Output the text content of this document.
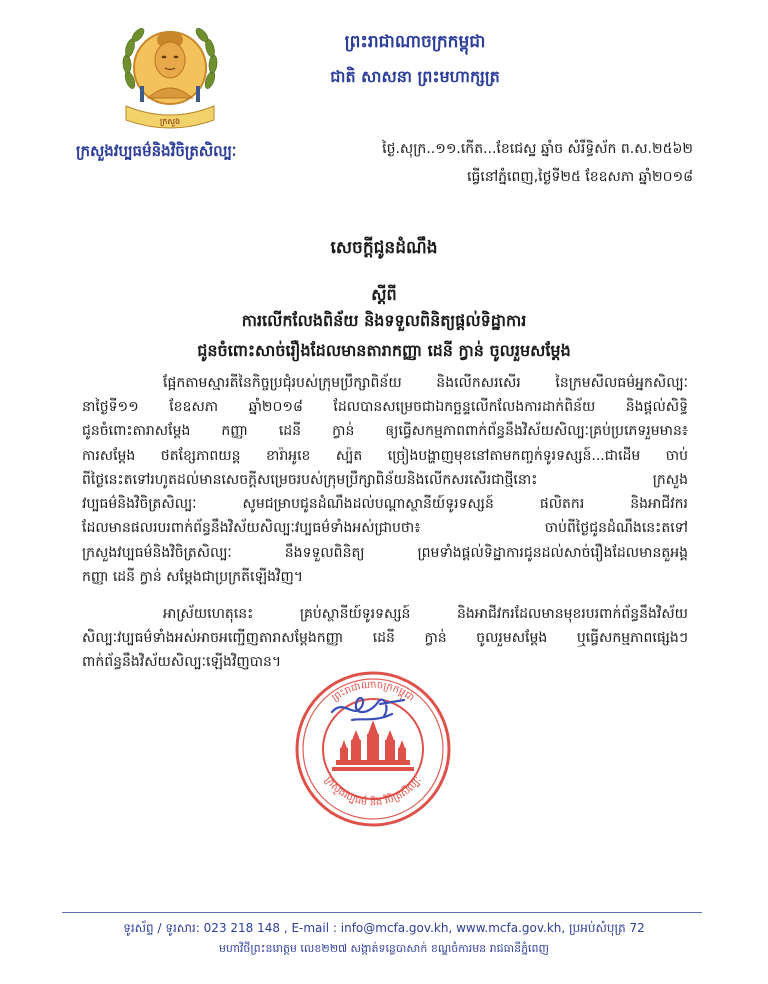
ក្រសួង
ព្រះរាជាណាចក្រកម្ពុជា
ជាតិ សាសនា ព្រះមហាក្សត្រ
ក្រសួងវប្បធម៌និងវិចិត្រសិល្បៈ	ថ្ងៃ.សុក្រ..១១.កើត...ខែជេស្ឋ ឆ្នាំច សំរឹទ្ធិស័ក ព.ស.២៥៦២
ធ្វើនៅភ្នំពេញ,ថ្ងៃទី២៥ ខែឧសភា ឆ្នាំ២០១៨
សេចក្តីជូនដំណឹង
ស្តីពី
ការលើកលែងពិន័យ និងទទួលពិនិត្យផ្តល់ទិដ្ឋាការ
ជូនចំពោះសាច់រឿងដែលមានតារាកញ្ញា ដេនី ក្វាន់ ចូលរួមសម្តែង
ផ្អែកតាមស្មារតីនៃកិច្ចប្រជុំរបស់ក្រុមប្រឹក្សាពិន័យ និងលើកសរសើរ នៃក្រមសីលធម៌អ្នកសិល្បៈ
នាថ្ងៃទី១១ ខែឧសភា ឆ្នាំ២០១៨ ដែលបានសម្រេចជាឯកច្ឆន្ទលើកលែងការដាក់ពិន័យ និងផ្តល់សិទ្ធិ
ជូនចំពោះតារាសម្តែង កញ្ញា ដេនី ក្វាន់ ឲ្យធ្វើសកម្មភាពពាក់ព័ន្ធនឹងវិស័យសិល្បៈគ្រប់ប្រភេទរួមមាន៖
ការសម្តែង ថតខ្សែភាពយន្ត ខារ៉ាអូខេ ស្ប៉ត ច្រៀងបង្ហាញមុខនៅតាមកញ្ចក់ទូរទស្សន៍...ជាដើម ចាប់
ពីថ្ងៃនេះតទៅរហូតដល់មានសេចក្តីសម្រេចរបស់ក្រុមប្រឹក្សាពិន័យនិងលើកសរសើរជាថ្មីនោះ ក្រសួង
វប្បធម៌និងវិចិត្រសិល្បៈ សូមជម្រាបជូនដំណឹងដល់បណ្តាស្ថានីយ៍ទូរទស្សន៍ ផលិតករ និងអាជីវករ
ដែលមានផលរបរពាក់ព័ន្ធនឹងវិស័យសិល្បៈវប្បធម៌ទាំងអស់ជ្រាបថា៖ ចាប់ពីថ្ងៃជូនដំណឹងនេះតទៅ
ក្រសួងវប្បធម៌និងវិចិត្រសិល្បៈ នឹងទទួលពិនិត្យ ព្រមទាំងផ្តល់ទិដ្ឋាការជូនដល់សាច់រឿងដែលមានតួអង្គ
កញ្ញា ដេនី ក្វាន់ សម្តែងជាប្រក្រតីឡើងវិញ។
អាស្រ័យហេតុនេះ គ្រប់ស្ថានីយ៍ទូរទស្សន៍ និងអាជីវករដែលមានមុខរបរពាក់ព័ន្ធនឹងវិស័យ
សិល្បៈវប្បធម៌ទាំងអស់អាចអញ្ជើញតារាសម្តែងកញ្ញា ដេនី ក្វាន់ ចូលរួមសម្តែង ឬធ្វើសកម្មភាពផ្សេងៗ
ពាក់ព័ន្ធនឹងវិស័យសិល្បៈឡើងវិញបាន។
ព្រះរាជាណាចក្រកម្ពុជា
ក្រសួងវប្បធម៌ និង វិចិត្រសិល្បៈ
ទូរស័ព្ទ / ទូរសារ: 023 218 148 , E-mail : info@mcfa.gov.kh, www.mcfa.gov.kh, ប្រអប់សំបុត្រ 72
មហាវិថីព្រះនរោត្តម លេខ២២៧ សង្កាត់ទន្លេបាសាក់ ខណ្ឌចំការមន រាជធានីភ្នំពេញ
